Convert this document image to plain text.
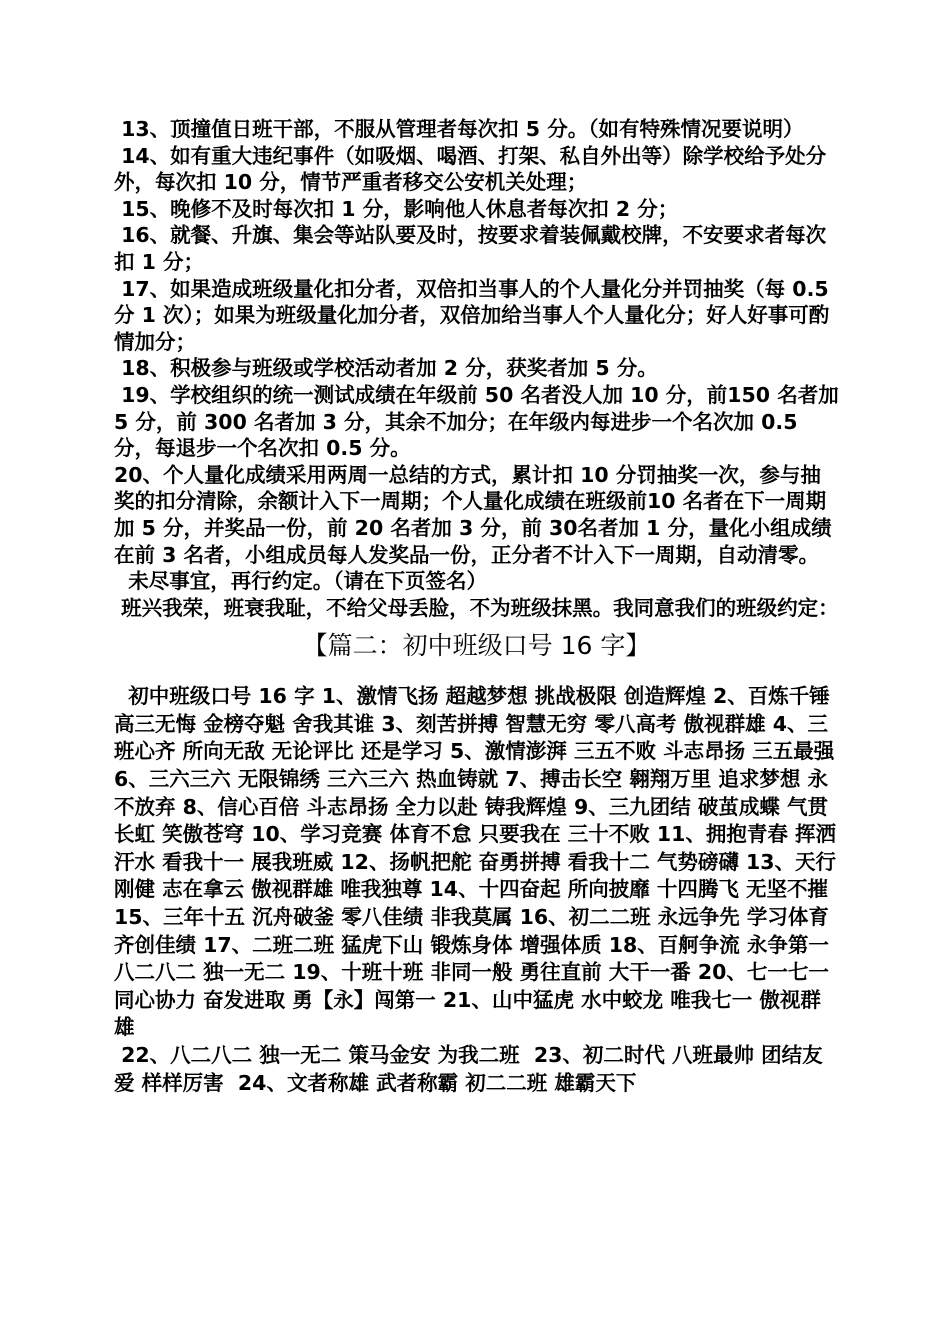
13、顶撞值日班干部，不服从管理者每次扣 5 分。（如有特殊情况要说明）

14、如有重大违纪事件（如吸烟、喝酒、打架、私自外出等）除学校给予处分外，每次扣 10 分，情节严重者移交公安机关处理；

15、晚修不及时每次扣 1 分，影响他人休息者每次扣 2 分；

16、就餐、升旗、集会等站队要及时，按要求着装佩戴校牌，不安要求者每次扣 1 分；

17、如果造成班级量化扣分者，双倍扣当事人的个人量化分并罚抽奖（每 0.5 分 1 次）；如果为班级量化加分者，双倍加给当事人个人量化分；好人好事可酌情加分；

18、积极参与班级或学校活动者加 2 分，获奖者加 5 分。

19、学校组织的统一测试成绩在年级前 50 名者没人加 10 分，前150 名者加 5 分，前 300 名者加 3 分，其余不加分；在年级内每进步一个名次加 0.5 分，每退步一个名次扣 0.5 分。

20、个人量化成绩采用两周一总结的方式，累计扣 10 分罚抽奖一次，参与抽奖的扣分清除，余额计入下一周期；个人量化成绩在班级前10 名者在下一周期加 5 分，并奖品一份，前 20 名者加 3 分，前 30名者加 1 分，量化小组成绩在前 3 名者，小组成员每人发奖品一份，正分者不计入下一周期，自动清零。

未尽事宜，再行约定。（请在下页签名）

班兴我荣，班衰我耻，不给父母丢脸，不为班级抹黑。我同意我们的班级约定：

【篇二：初中班级口号 16 字】

初中班级口号 16 字 1、激情飞扬 超越梦想 挑战极限 创造辉煌 2、百炼千锤 高三无悔 金榜夺魁 舍我其谁 3、刻苦拼搏 智慧无穷 零八高考 傲视群雄 4、三班心齐 所向无敌 无论评比 还是学习 5、激情澎湃 三五不败 斗志昂扬 三五最强 6、三六三六 无限锦绣 三六三六 热血铸就 7、搏击长空 翱翔万里 追求梦想 永不放弃 8、信心百倍 斗志昂扬 全力以赴 铸我辉煌 9、三九团结 破茧成蝶 气贯长虹 笑傲苍穹 10、学习竞赛 体育不怠 只要我在 三十不败 11、拥抱青春 挥洒汗水 看我十一 展我班威 12、扬帆把舵 奋勇拼搏 看我十二 气势磅礴 13、天行刚健 志在拿云 傲视群雄 唯我独尊 14、十四奋起 所向披靡 十四腾飞 无坚不摧 15、三年十五 沉舟破釜 零八佳绩 非我莫属 16、初二二班 永远争先 学习体育 齐创佳绩 17、二班二班 猛虎下山 锻炼身体 增强体质 18、百舸争流 永争第一 八二八二 独一无二 19、十班十班 非同一般 勇往直前 大干一番 20、七一七一 同心协力 奋发进取 勇【永】闯第一 21、山中猛虎 水中蛟龙 唯我七一 傲视群雄

22、八二八二 独一无二 策马金安 为我二班  23、初二时代 八班最帅 团结友爱 样样厉害  24、文者称雄 武者称霸 初二二班 雄霸天下
